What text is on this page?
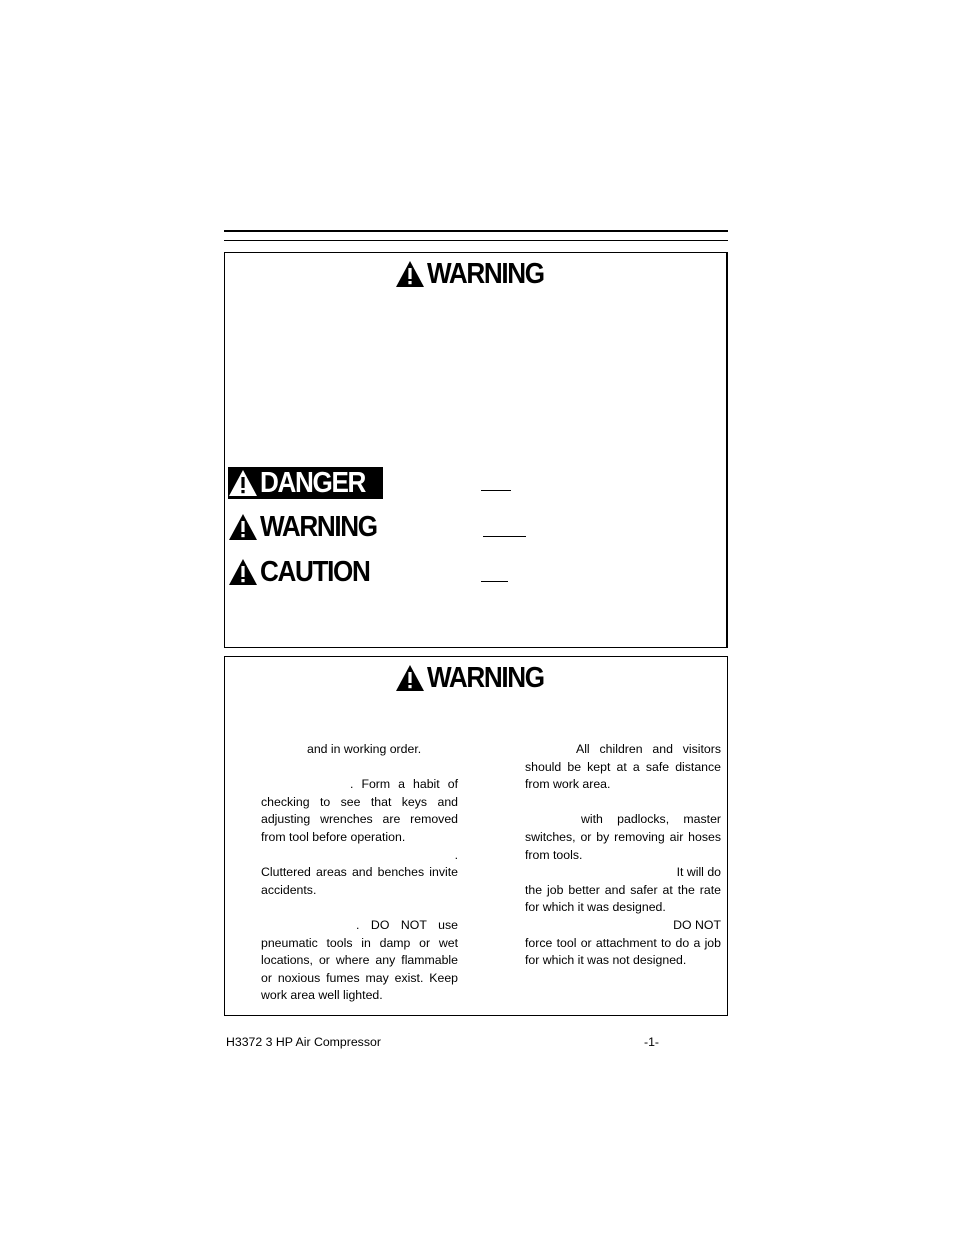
WARNING
DANGER
WARNING
CAUTION
WARNING

and in working order.

. Form a habit of

checking to see that keys and

adjusting wrenches are removed

from tool before operation.

.

Cluttered areas and benches invite

accidents.

. DO NOT use

pneumatic tools in damp or wet

locations, or where any flammable

or noxious fumes may exist. Keep

work area well lighted.

All children and visitors

should be kept at a safe distance

from work area.

with padlocks, master

switches, or by removing air hoses

from tools.

It will do

the job better and safer at the rate

for which it was designed.

DO NOT

force tool or attachment to do a job

for which it was not designed.

H3372 3 HP Air Compressor	-1-
